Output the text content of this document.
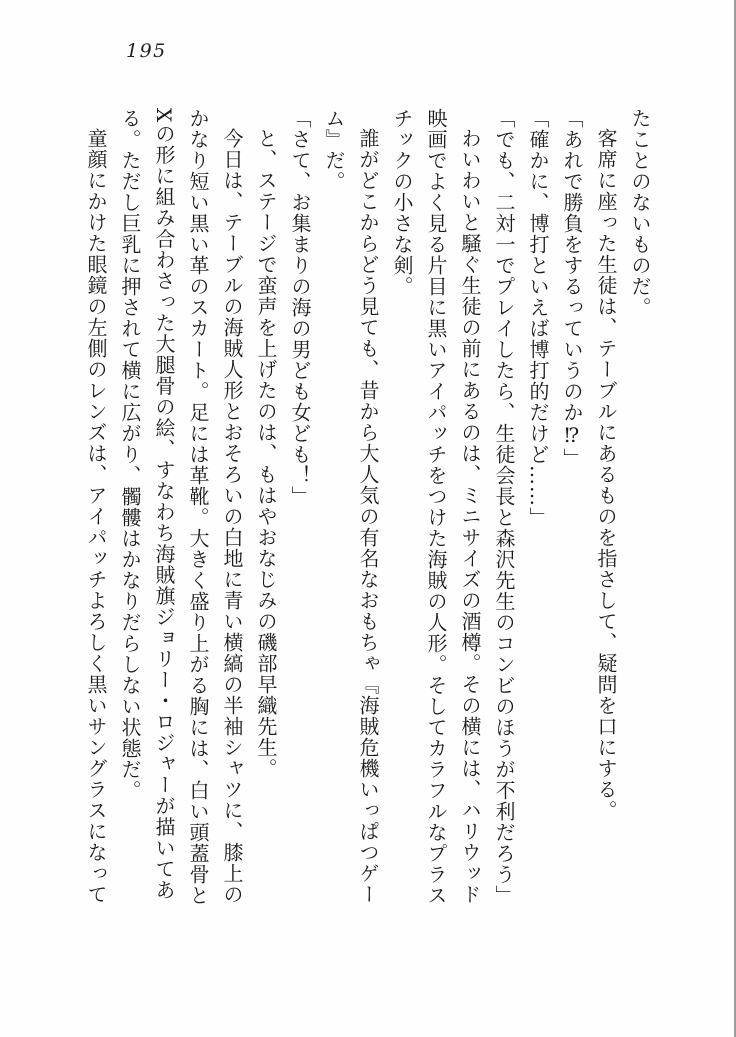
195

たことのないものだ。

客席に座った生徒は、テーブルにあるものを指さして、疑問を口にする。

「あれで勝負をするっていうのか⁉」

「確かに、博打といえば博打的だけど……」

「でも、二対一でプレイしたら、生徒会長と森沢先生のコンビのほうが不利だろう」

わいわいと騒ぐ生徒の前にあるのは、ミニサイズの酒樽。その横には、ハリウッド映画でよく見る片目に黒いアイパッチをつけた海賊の人形。そしてカラフルなプラスチックの小さな剣。

誰がどこからどう見ても、昔から大人気の有名なおもちゃ『海賊危機いっぱつゲーム』だ。

「さて、お集まりの海の男ども女ども！」

と、ステージで蛮声を上げたのは、もはやおなじみの磯部早織先生。

今日は、テーブルの海賊人形とおそろいの白地に青い横縞の半袖シャツに、膝上のかなり短い黒い革のスカート。足には革靴。大きく盛り上がる胸には、白い頭蓋骨とXの形に組み合わさった大腿骨の絵、すなわち海賊旗ジョリー・ロジャーが描いてある。ただし巨乳に押されて横に広がり、髑髏はかなりだらしない状態だ。

童顔にかけた眼鏡の左側のレンズは、アイパッチよろしく黒いサングラスになって
